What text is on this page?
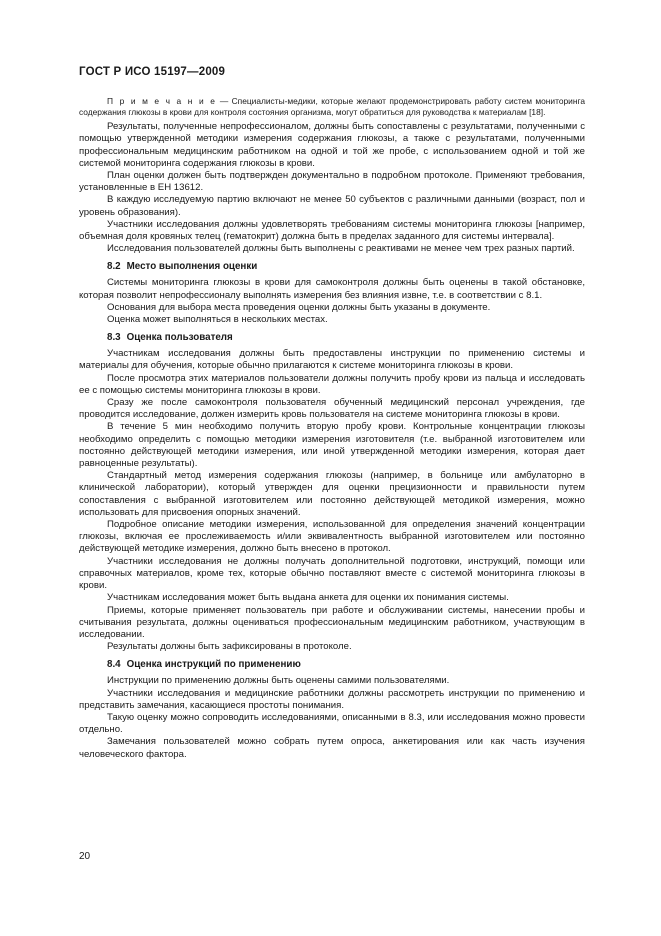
ГОСТ Р ИСО 15197—2009

П р и м е ч а н и е — Специалисты-медики, которые желают продемонстрировать работу систем мониторинга содержания глюкозы в крови для контроля состояния организма, могут обратиться для руководства к материалам [18].

Результаты, полученные непрофессионалом, должны быть сопоставлены с результатами, полученными с помощью утвержденной методики измерения содержания глюкозы, а также с результатами, полученными профессиональным медицинским работником на одной и той же пробе, с использованием одной и той же системой мониторинга содержания глюкозы в крови.

План оценки должен быть подтвержден документально в подробном протоколе. Применяют требования, установленные в ЕН 13612.

В каждую исследуемую партию включают не менее 50 субъектов с различными данными (возраст, пол и уровень образования).

Участники исследования должны удовлетворять требованиям системы мониторинга глюкозы [например, объемная доля кровяных телец (гематокрит) должна быть в пределах заданного для системы интервала].

Исследования пользователей должны быть выполнены с реактивами не менее чем трех разных партий.

8.2 Место выполнения оценки

Системы мониторинга глюкозы в крови для самоконтроля должны быть оценены в такой обстановке, которая позволит непрофессионалу выполнять измерения без влияния извне, т.е. в соответствии с 8.1.

Основания для выбора места проведения оценки должны быть указаны в документе.

Оценка может выполняться в нескольких местах.

8.3 Оценка пользователя

Участникам исследования должны быть предоставлены инструкции по применению системы и материалы для обучения, которые обычно прилагаются к системе мониторинга глюкозы в крови.

После просмотра этих материалов пользователи должны получить пробу крови из пальца и исследовать ее с помощью системы мониторинга глюкозы в крови.

Сразу же после самоконтроля пользователя обученный медицинский персонал учреждения, где проводится исследование, должен измерить кровь пользователя на системе мониторинга глюкозы в крови.

В течение 5 мин необходимо получить вторую пробу крови. Контрольные концентрации глюкозы необходимо определить с помощью методики измерения изготовителя (т.е. выбранной изготовителем или постоянно действующей методики измерения, или иной утвержденной методики измерения, которая дает равноценные результаты).

Стандартный метод измерения содержания глюкозы (например, в больнице или амбулаторно в клинической лаборатории), который утвержден для оценки прецизионности и правильности путем сопоставления с выбранной изготовителем или постоянно действующей методикой измерения, можно использовать для присвоения опорных значений.

Подробное описание методики измерения, использованной для определения значений концентрации глюкозы, включая ее прослеживаемость и/или эквивалентность выбранной изготовителем или постоянно действующей методике измерения, должно быть внесено в протокол.

Участники исследования не должны получать дополнительной подготовки, инструкций, помощи или справочных материалов, кроме тех, которые обычно поставляют вместе с системой мониторинга глюкозы в крови.

Участникам исследования может быть выдана анкета для оценки их понимания системы.

Приемы, которые применяет пользователь при работе и обслуживании системы, нанесении пробы и считывания результата, должны оцениваться профессиональным медицинским работником, участвующим в исследовании.

Результаты должны быть зафиксированы в протоколе.

8.4 Оценка инструкций по применению

Инструкции по применению должны быть оценены самими пользователями.

Участники исследования и медицинские работники должны рассмотреть инструкции по применению и представить замечания, касающиеся простоты понимания.

Такую оценку можно сопроводить исследованиями, описанными в 8.3, или исследования можно провести отдельно.

Замечания пользователей можно собрать путем опроса, анкетирования или как часть изучения человеческого фактора.

20
